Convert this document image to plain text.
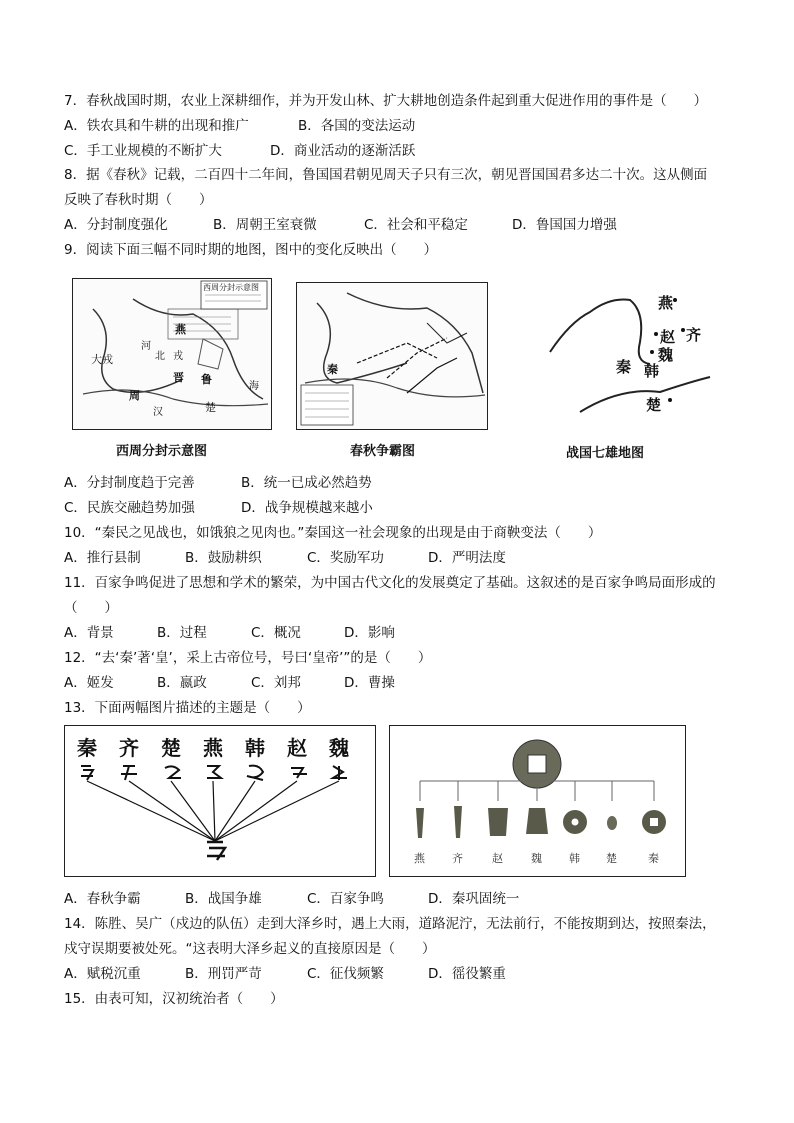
7．春秋战国时期，农业上深耕细作，并为开发山林、扩大耕地创造条件起到重大促进作用的事件是（　　）
A．铁农具和牛耕的出现和推广	B．各国的变法运动
C．手工业规模的不断扩大	D．商业活动的逐渐活跃
8．据《春秋》记载，二百四十二年间，鲁国国君朝见周天子只有三次，朝见晋国国君多达二十次。这从侧面
反映了春秋时期（　　）
A．分封制度强化	B．周朝王室衰微	C．社会和平稳定	D．鲁国国力增强
9．阅读下面三幅不同时期的地图，图中的变化反映出（　　）
西周分封示意图
燕
大戎
河
北 戎
晋 鲁
周
楚
汉
海
西周分封示意图
秦
春秋争霸图
燕
赵 齐
魏
秦 韩
楚
战国七雄地图
A．分封制度趋于完善	B．统一已成必然趋势
C．民族交融趋势加强	D．战争规模越来越小
10．“秦民之见战也，如饿狼之见肉也。”秦国这一社会现象的出现是由于商鞅变法（　　）
A．推行县制	B．鼓励耕织	C．奖励军功	D．严明法度
11．百家争鸣促进了思想和学术的繁荣，为中国古代文化的发展奠定了基础。这叙述的是百家争鸣局面形成的
（　　）
A．背景	B．过程	C．概况	D．影响
12．“去‘秦’著‘皇’，采上古帝位号，号曰‘皇帝’”的是（　　）
A．姬发	B．嬴政	C．刘邦	D．曹操
13．下面两幅图片描述的主题是（　　）
秦 齐 楚 燕 韩 赵 魏
燕 齐	赵	魏 韩 楚	秦
A．春秋争霸	B．战国争雄	C．百家争鸣	D．秦巩固统一
14．陈胜、吴广（戍边的队伍）走到大泽乡时，遇上大雨，道路泥泞，无法前行，不能按期到达，按照秦法，
戍守误期要被处死。“这表明大泽乡起义的直接原因是（　　）
A．赋税沉重	B．刑罚严苛	C．征伐频繁	D．徭役繁重
15．由表可知，汉初统治者（　　）
